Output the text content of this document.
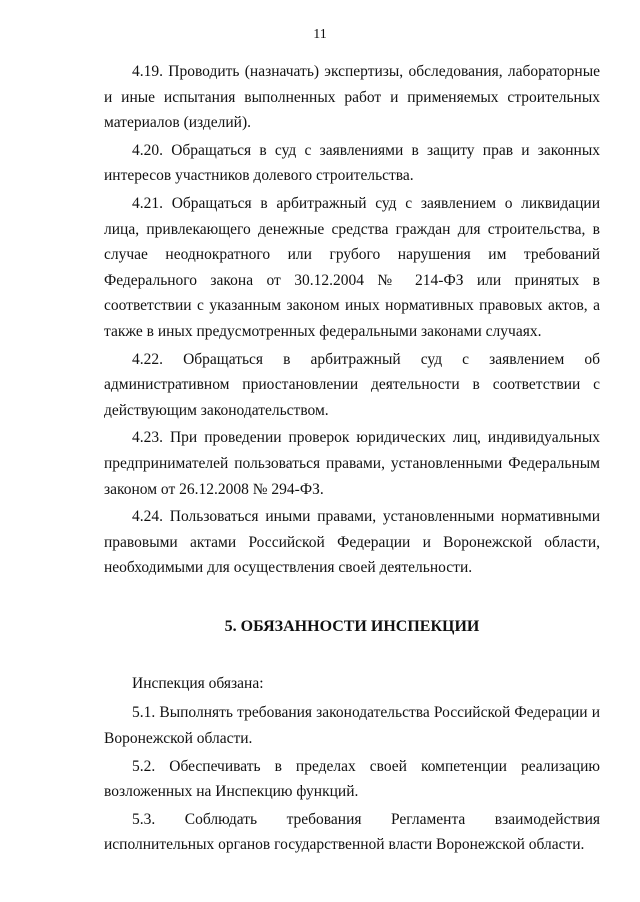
11

4.19. Проводить (назначать) экспертизы, обследования, лабораторные и иные испытания выполненных работ и применяемых строительных материалов (изделий).

4.20. Обращаться в суд с заявлениями в защиту прав и законных интересов участников долевого строительства.

4.21. Обращаться в арбитражный суд с заявлением о ликвидации лица, привлекающего денежные средства граждан для строительства, в случае неоднократного или грубого нарушения им требований Федерального закона от 30.12.2004 № 214-ФЗ или принятых в соответствии с указанным законом иных нормативных правовых актов, а также в иных предусмотренных федеральными законами случаях.

4.22. Обращаться в арбитражный суд с заявлением об административном приостановлении деятельности в соответствии с действующим законодательством.

4.23. При проведении проверок юридических лиц, индивидуальных предпринимателей пользоваться правами, установленными Федеральным законом от 26.12.2008 № 294-ФЗ.

4.24. Пользоваться иными правами, установленными нормативными правовыми актами Российской Федерации и Воронежской области, необходимыми для осуществления своей деятельности.

5. ОБЯЗАННОСТИ ИНСПЕКЦИИ

Инспекция обязана:

5.1. Выполнять требования законодательства Российской Федерации и Воронежской области.

5.2. Обеспечивать в пределах своей компетенции реализацию возложенных на Инспекцию функций.

5.3. Соблюдать требования Регламента взаимодействия исполнительных органов государственной власти Воронежской области.
